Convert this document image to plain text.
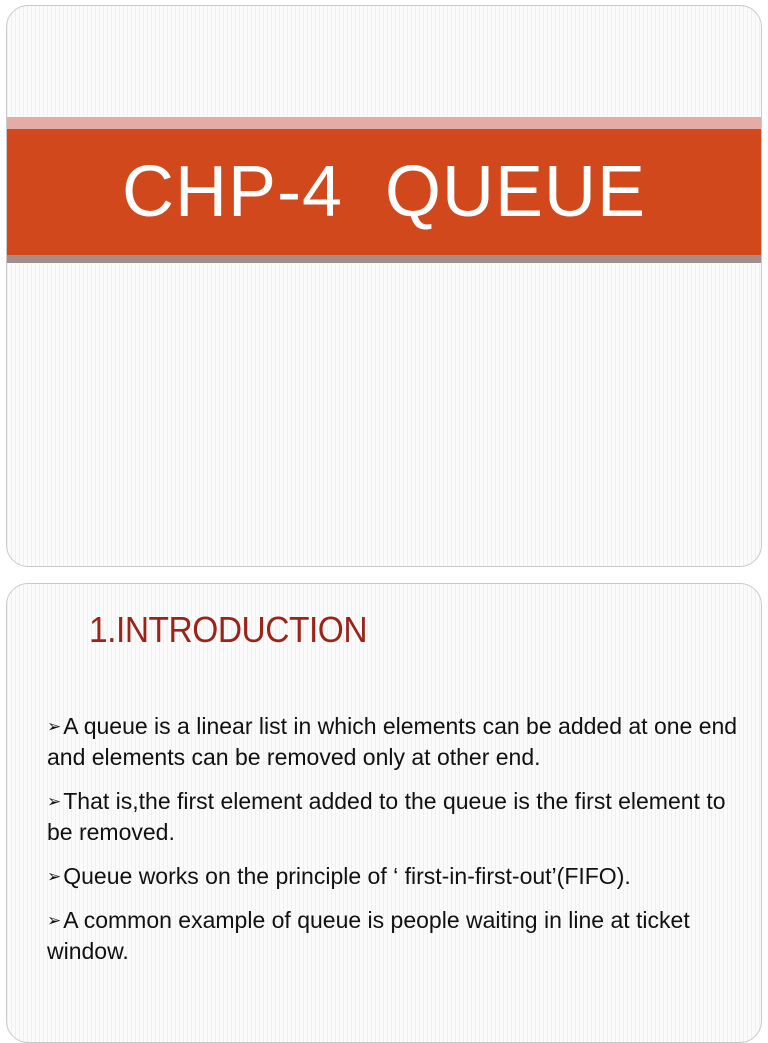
CHP-4  QUEUE
1.INTRODUCTION
➢A queue is a linear list in which elements can be added at one end and elements can be removed only at other end.
➢That is,the first element added to the queue is the first element to be removed.
➢Queue works on the principle of ‘ first-in-first-out’(FIFO).
➢A common example of queue is people waiting in line at ticket window.
